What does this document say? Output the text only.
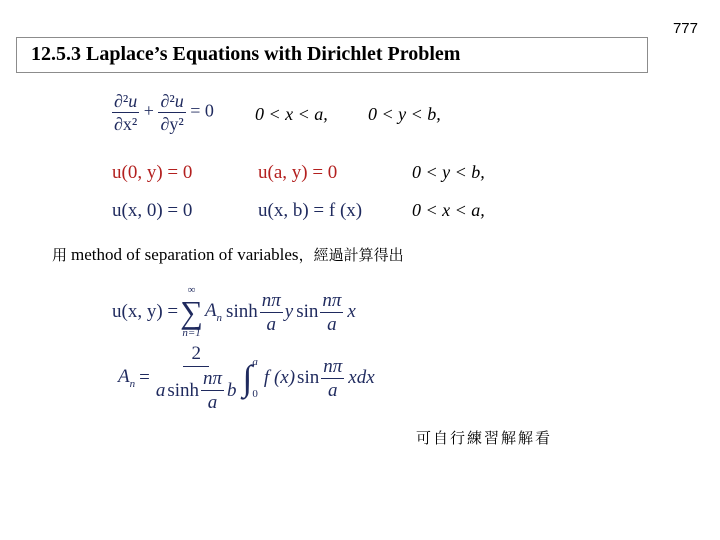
777
12.5.3 Laplace’s Equations with Dirichlet Problem
$\frac{\text{∂²u}}{\text{∂x²}} + \frac{\text{∂²u}}{\text{∂y²}} = 0$ 0 < x < a, 0 < y < b,
u(0, y) = 0	u(a, y) = 0	0 < y < b,
u(x, 0) = 0	u(x, b) = f (x)	0 < x < a,
用 method of separation of variables，經過計算得出
u(x, y) =
∞
∑
n=1
$A_n$ $\sinh \frac{n\pi}{a}$ y $\sin \frac{n\pi}{a}$ x
$A_n = \frac{2}{a \sinh \frac{n\pi}{a} b}$ ∫ a
0
f (x) $\sin \frac{n\pi}{a}$ xdx
可自行練習解解看
